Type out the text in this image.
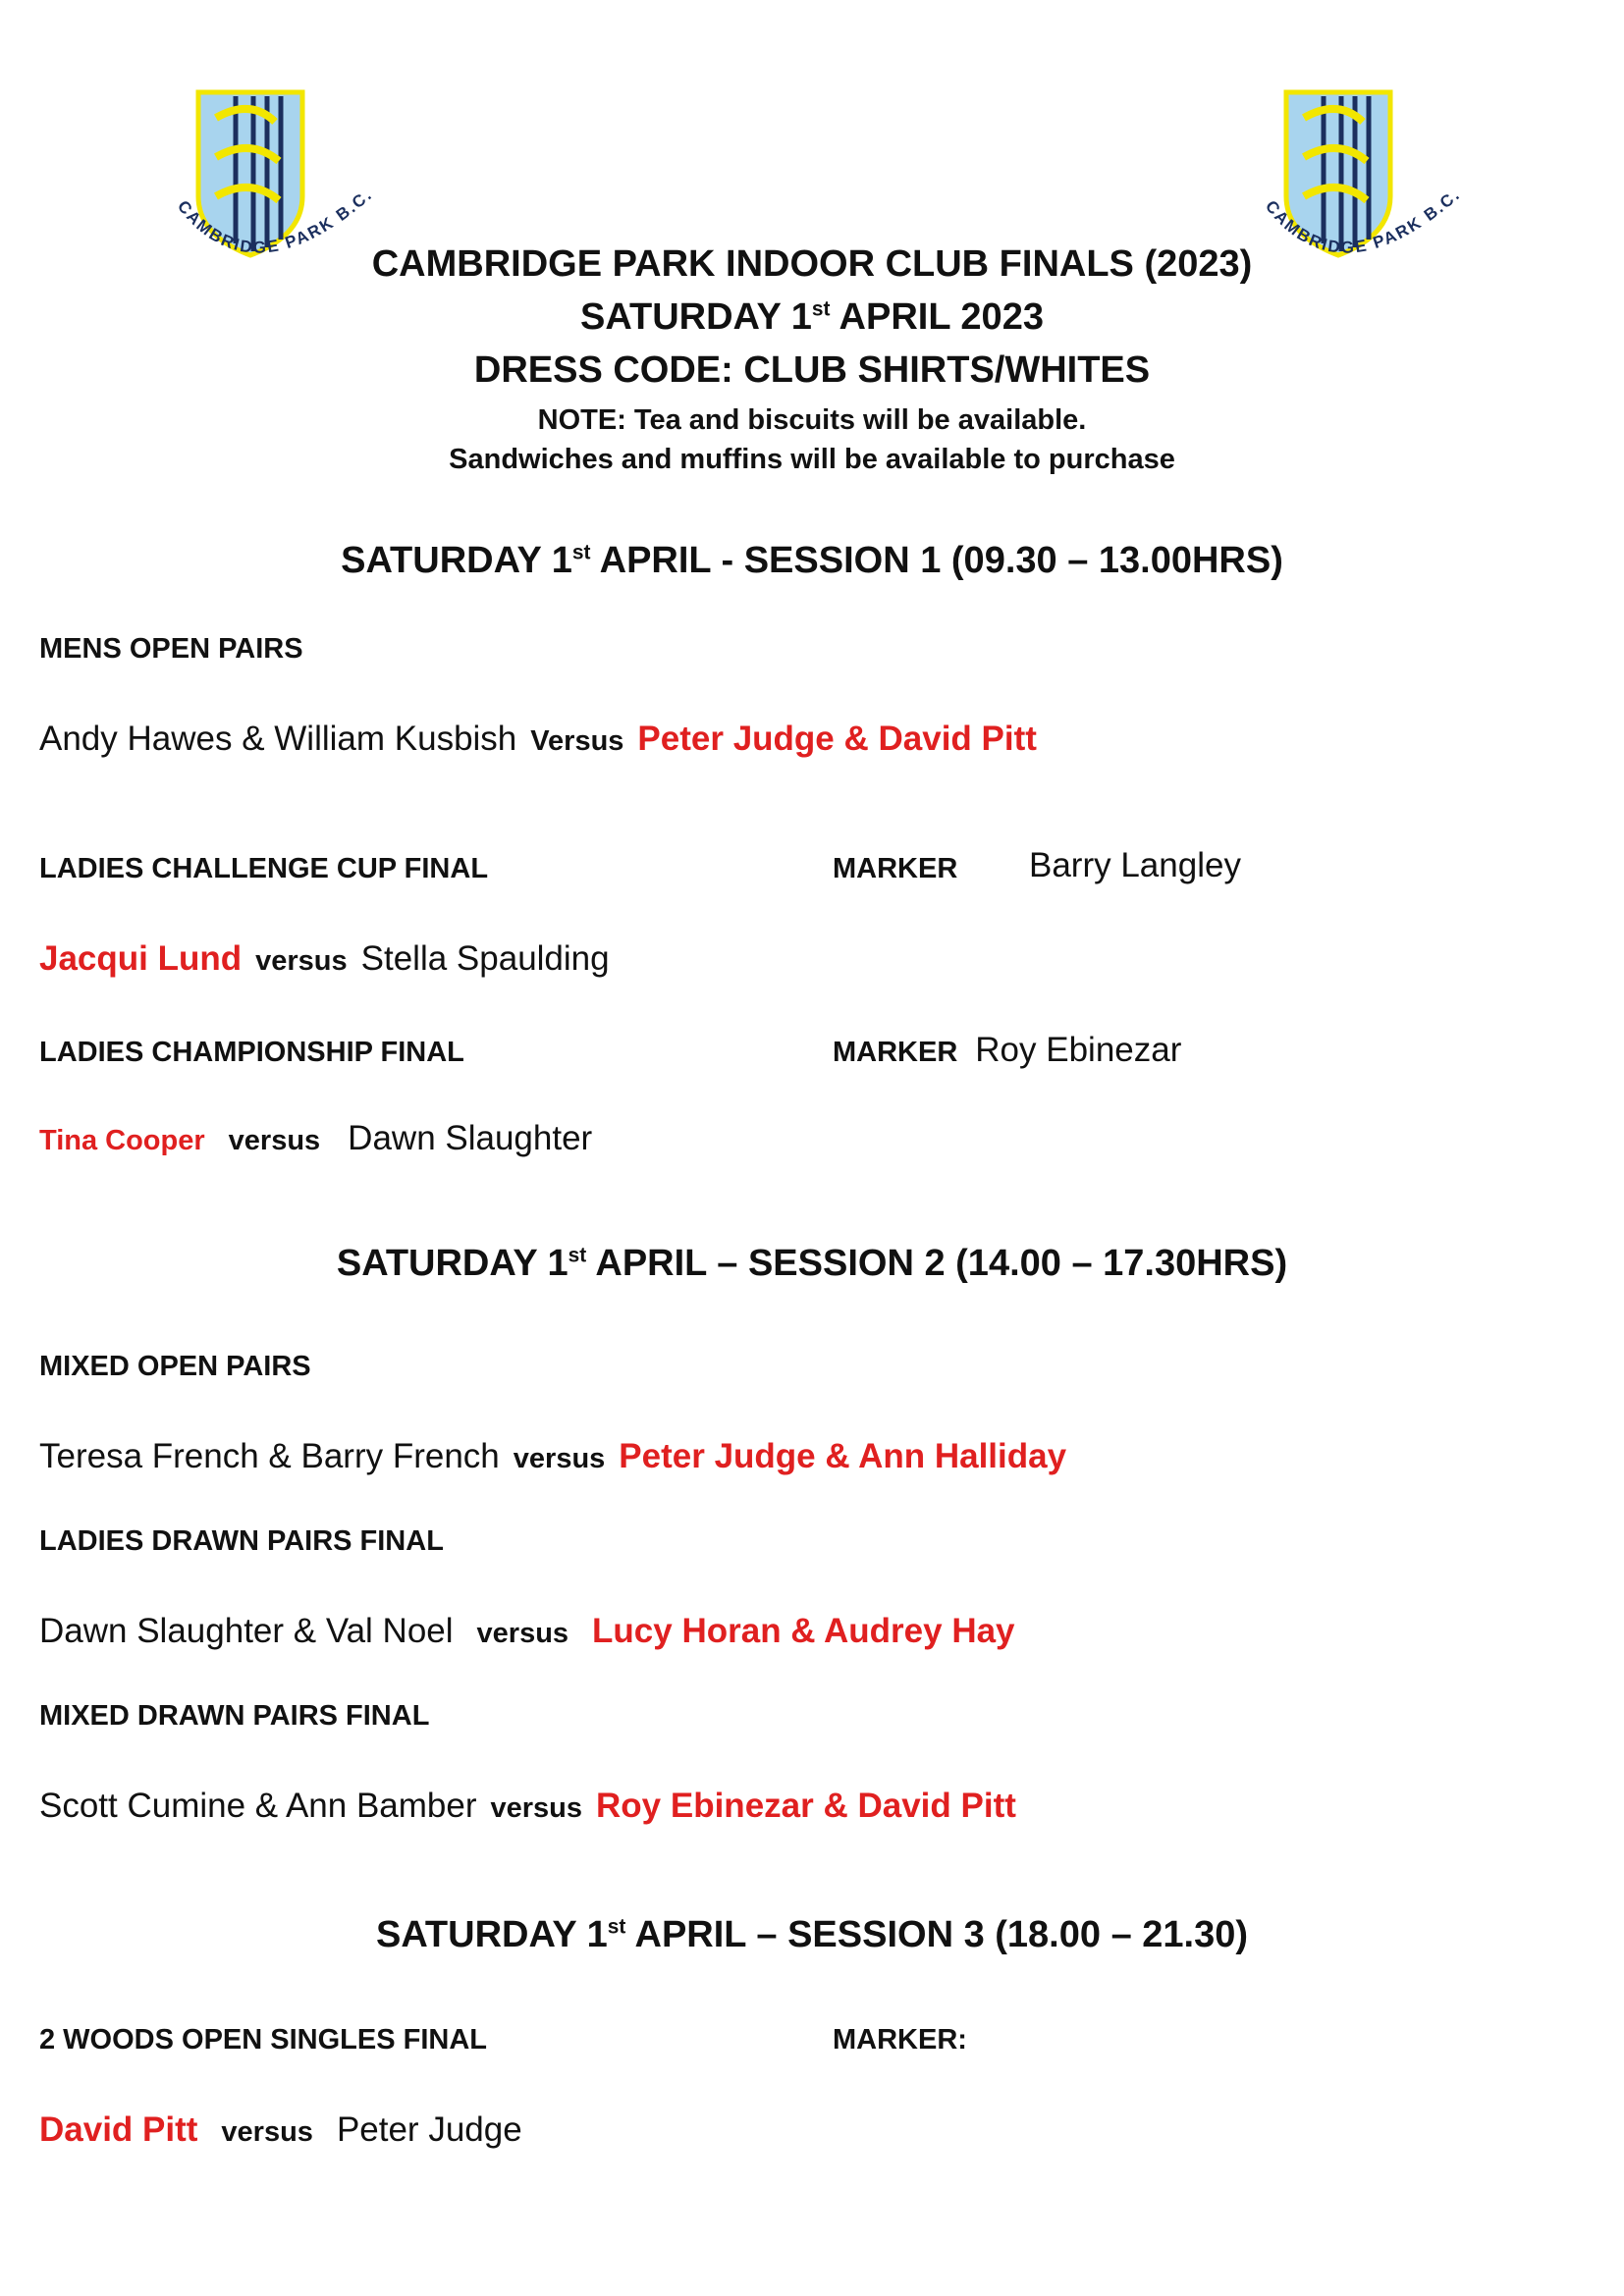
CAMBRIDGE PARK B.C.
CAMBRIDGE PARK B.C.
CAMBRIDGE PARK INDOOR CLUB FINALS (2023)
SATURDAY 1st APRIL 2023
DRESS CODE: CLUB SHIRTS/WHITES
NOTE: Tea and biscuits will be available.
Sandwiches and muffins will be available to purchase
SATURDAY 1st APRIL - SESSION 1 (09.30 – 13.00HRS)
MENS OPEN PAIRS
Andy Hawes & William Kusbish Versus Peter Judge & David Pitt
LADIES CHALLENGE CUP FINAL	MARKER Barry Langley
Jacqui Lund versus Stella Spaulding
LADIES CHAMPIONSHIP FINAL	MARKER Roy Ebinezar
Tina Cooper versus Dawn Slaughter
SATURDAY 1st APRIL – SESSION 2 (14.00 – 17.30HRS)
MIXED OPEN PAIRS
Teresa French & Barry French versus Peter Judge & Ann Halliday
LADIES DRAWN PAIRS FINAL
Dawn Slaughter & Val Noel versus Lucy Horan & Audrey Hay
MIXED DRAWN PAIRS FINAL
Scott Cumine & Ann Bamber versus Roy Ebinezar & David Pitt
SATURDAY 1st APRIL – SESSION 3 (18.00 – 21.30)
2 WOODS OPEN SINGLES FINAL	MARKER:
David Pitt versus Peter Judge
